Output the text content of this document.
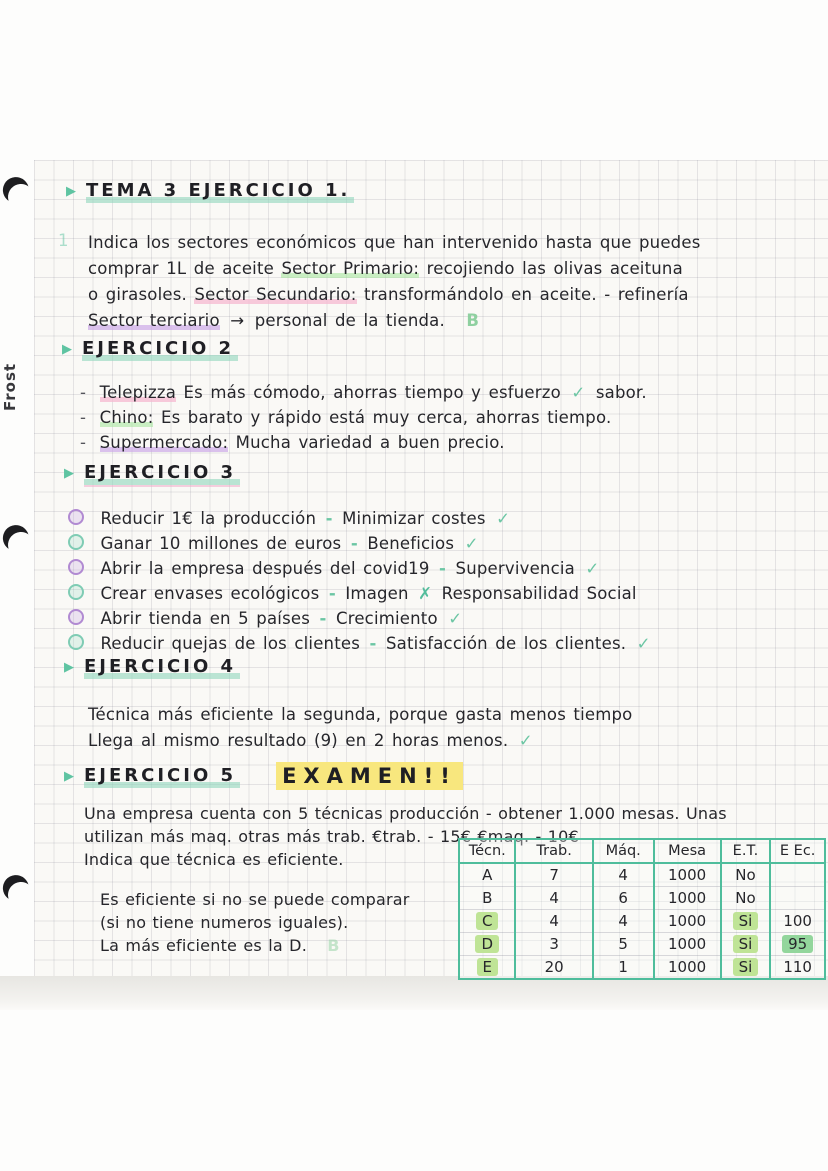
Frost
▶ TEMA 3 EJERCICIO 1.
1 Indica los sectores económicos que han intervenido hasta que puedes
comprar 1L de aceite Sector Primario: recojiendo las olivas aceituna
o girasoles. Sector Secundario: transformándolo en aceite. - refinería
Sector terciario → personal de la tienda. B
▶ EJERCICIO 2
- Telepizza Es más cómodo, ahorras tiempo y esfuerzo ✓ sabor.
- Chino: Es barato y rápido está muy cerca, ahorras tiempo.
- Supermercado: Mucha variedad a buen precio.
▶ EJERCICIO 3
Reducir 1€ la producción - Minimizar costes ✓
Ganar 10 millones de euros - Beneficios ✓
Abrir la empresa después del covid19 - Supervivencia ✓
Crear envases ecológicos - Imagen ✗ Responsabilidad Social
Abrir tienda en 5 países - Crecimiento ✓
Reducir quejas de los clientes - Satisfacción de los clientes. ✓
▶ EJERCICIO 4
Técnica más eficiente la segunda, porque gasta menos tiempo
Llega al mismo resultado (9) en 2 horas menos. ✓
▶ EJERCICIO 5 EXAMEN!!
Una empresa cuenta con 5 técnicas producción - obtener 1.000 mesas. Unas
utilizan más maq. otras más trab. €trab. - 15€ €maq. - 10€
Indica que técnica es eficiente.
Es eficiente si no se puede comparar
(si no tiene numeros iguales).
La más eficiente es la D. B
Técn.	Trab.	Máq.	Mesa	E.T.	E Ec.
A	7	4	1000	No	
B	4	6	1000	No	
C	4	4	1000	Si	100
D	3	5	1000	Si	95
E	20	1	1000	Si	110
